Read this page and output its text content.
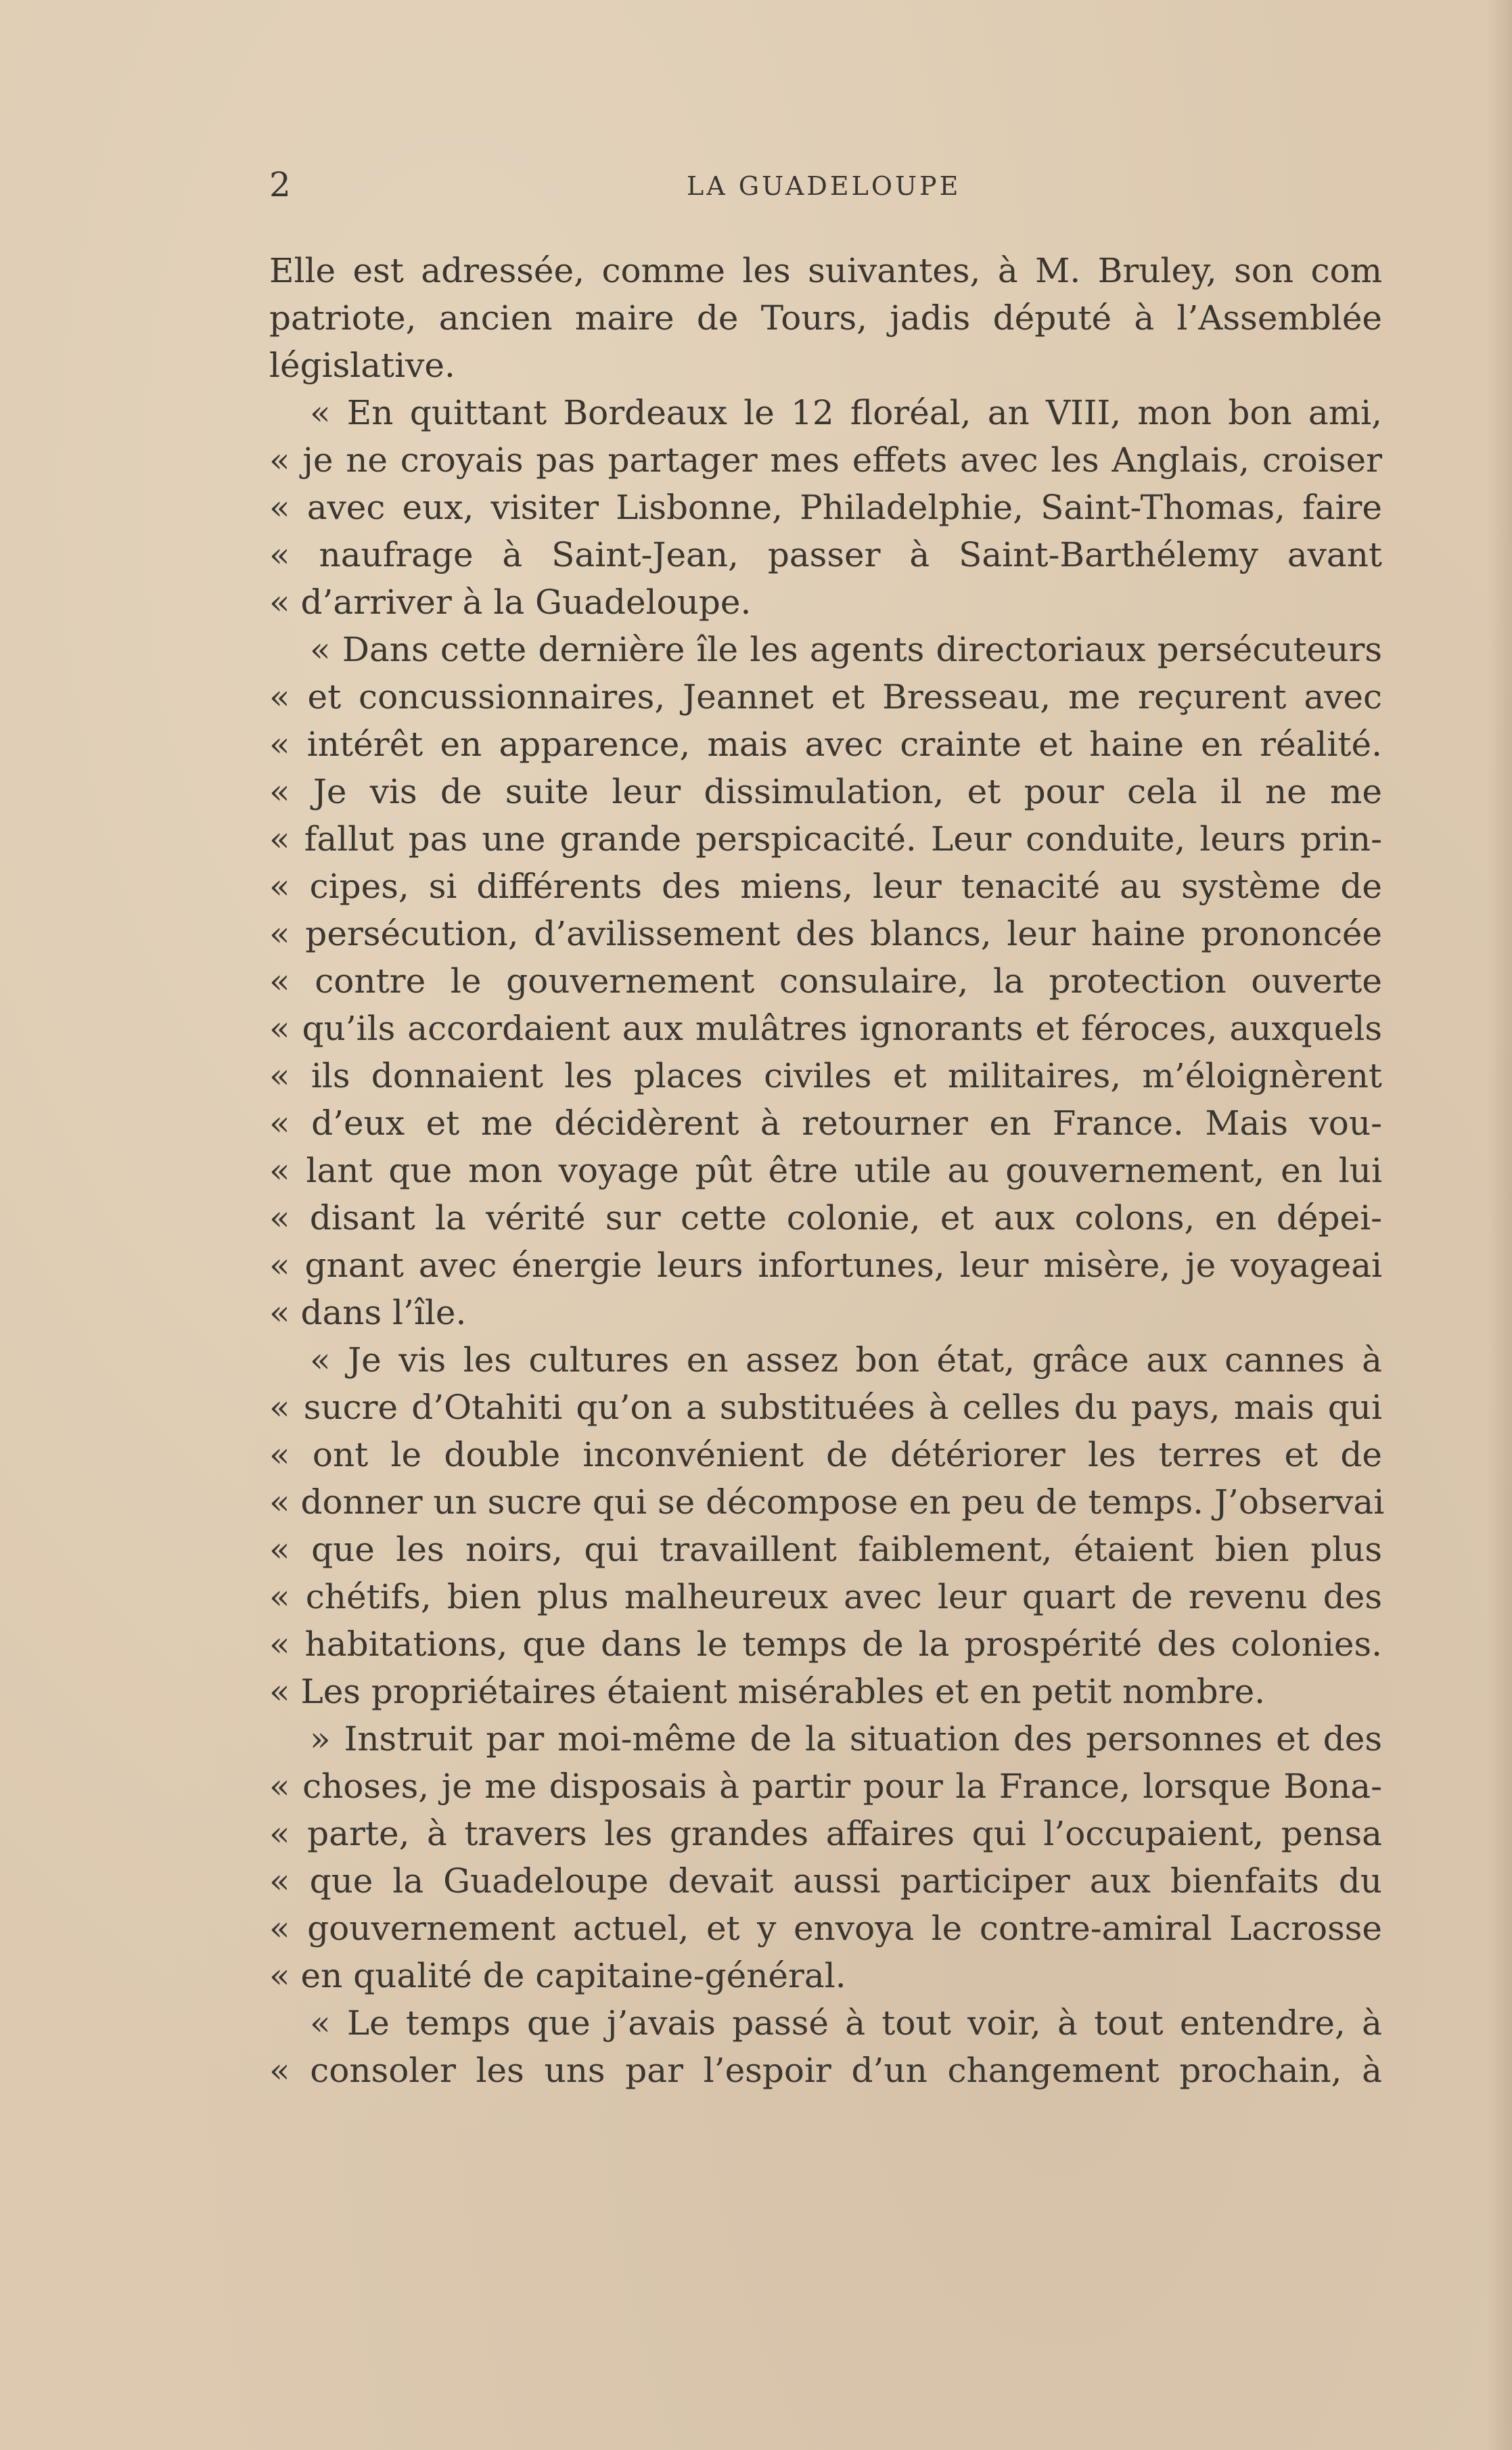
2	LA GUADELOUPE
Elle est adressée, comme les suivantes, à M. Bruley, son com
patriote, ancien maire de Tours, jadis député à l’Assemblée
législative.
« En quittant Bordeaux le 12 floréal, an VIII, mon bon ami,
« je ne croyais pas partager mes effets avec les Anglais, croiser
« avec eux, visiter Lisbonne, Philadelphie, Saint-Thomas, faire
« naufrage à Saint-Jean, passer à Saint-Barthélemy avant
« d’arriver à la Guadeloupe.
« Dans cette dernière île les agents directoriaux persécuteurs
« et concussionnaires, Jeannet et Bresseau, me reçurent avec
« intérêt en apparence, mais avec crainte et haine en réalité.
« Je vis de suite leur dissimulation, et pour cela il ne me
« fallut pas une grande perspicacité. Leur conduite, leurs prin-
« cipes, si différents des miens, leur tenacité au système de
« persécution, d’avilissement des blancs, leur haine prononcée
« contre le gouvernement consulaire, la protection ouverte
« qu’ils accordaient aux mulâtres ignorants et féroces, auxquels
« ils donnaient les places civiles et militaires, m’éloignèrent
« d’eux et me décidèrent à retourner en France. Mais vou-
« lant que mon voyage pût être utile au gouvernement, en lui
« disant la vérité sur cette colonie, et aux colons, en dépei-
« gnant avec énergie leurs infortunes, leur misère, je voyageai
« dans l’île.
« Je vis les cultures en assez bon état, grâce aux cannes à
« sucre d’Otahiti qu’on a substituées à celles du pays, mais qui
« ont le double inconvénient de détériorer les terres et de
« donner un sucre qui se décompose en peu de temps. J’observai
« que les noirs, qui travaillent faiblement, étaient bien plus
« chétifs, bien plus malheureux avec leur quart de revenu des
« habitations, que dans le temps de la prospérité des colonies.
« Les propriétaires étaient misérables et en petit nombre.
» Instruit par moi-même de la situation des personnes et des
« choses, je me disposais à partir pour la France, lorsque Bona-
« parte, à travers les grandes affaires qui l’occupaient, pensa
« que la Guadeloupe devait aussi participer aux bienfaits du
« gouvernement actuel, et y envoya le contre-amiral Lacrosse
« en qualité de capitaine-général.
« Le temps que j’avais passé à tout voir, à tout entendre, à
« consoler les uns par l’espoir d’un changement prochain, à
